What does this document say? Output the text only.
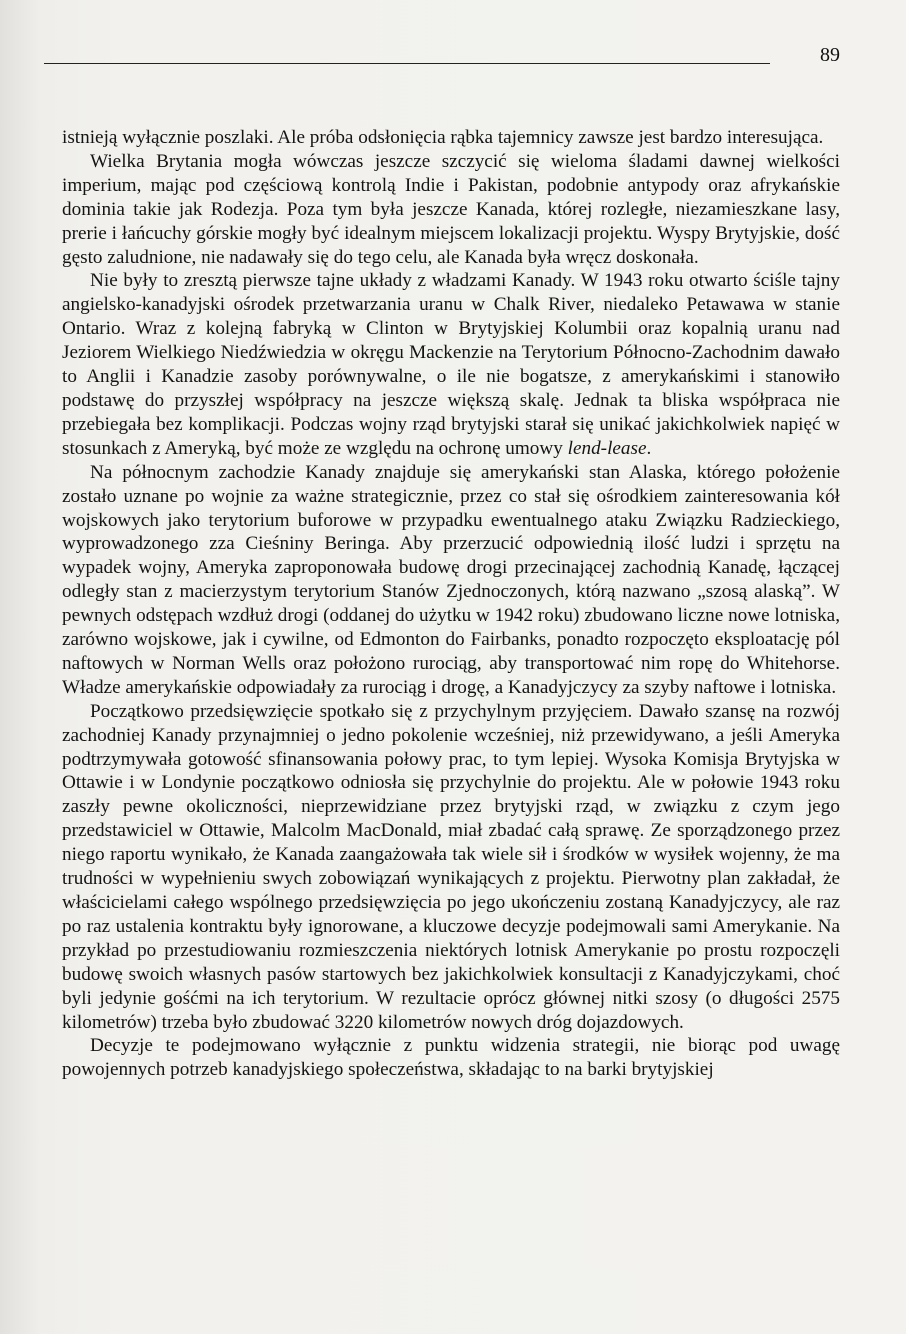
89

istnieją wyłącznie poszlaki. Ale próba odsłonięcia rąbka tajemnicy zawsze jest bardzo interesująca.

Wielka Brytania mogła wówczas jeszcze szczycić się wieloma śladami dawnej wielkości imperium, mając pod częściową kontrolą Indie i Pakistan, podobnie antypody oraz afrykańskie dominia takie jak Rodezja. Poza tym była jeszcze Kanada, której rozległe, niezamieszkane lasy, prerie i łańcuchy górskie mogły być idealnym miejscem lokalizacji projektu. Wyspy Brytyjskie, dość gęsto zaludnione, nie nadawały się do tego celu, ale Kanada była wręcz doskonała.

Nie były to zresztą pierwsze tajne układy z władzami Kanady. W 1943 roku otwarto ściśle tajny angielsko-kanadyjski ośrodek przetwarzania uranu w Chalk River, niedaleko Petawawa w stanie Ontario. Wraz z kolejną fabryką w Clinton w Brytyjskiej Kolumbii oraz kopalnią uranu nad Jeziorem Wielkiego Niedźwiedzia w okręgu Mackenzie na Terytorium Północno-Zachodnim dawało to Anglii i Kanadzie zasoby porównywalne, o ile nie bogatsze, z amerykańskimi i stanowiło podstawę do przyszłej współpracy na jeszcze większą skalę. Jednak ta bliska współpraca nie przebiegała bez komplikacji. Podczas wojny rząd brytyjski starał się unikać jakichkolwiek napięć w stosunkach z Ameryką, być może ze względu na ochronę umowy lend-lease.

Na północnym zachodzie Kanady znajduje się amerykański stan Alaska, którego położenie zostało uznane po wojnie za ważne strategicznie, przez co stał się ośrodkiem zainteresowania kół wojskowych jako terytorium buforowe w przypadku ewentualnego ataku Związku Radzieckiego, wyprowadzonego zza Cieśniny Beringa. Aby przerzucić odpowiednią ilość ludzi i sprzętu na wypadek wojny, Ameryka zaproponowała budowę drogi przecinającej zachodnią Kanadę, łączącej odległy stan z macierzystym terytorium Stanów Zjednoczonych, którą nazwano „szosą alaską”. W pewnych odstępach wzdłuż drogi (oddanej do użytku w 1942 roku) zbudowano liczne nowe lotniska, zarówno wojskowe, jak i cywilne, od Edmonton do Fairbanks, ponadto rozpoczęto eksploatację pól naftowych w Norman Wells oraz położono rurociąg, aby transportować nim ropę do Whitehorse. Władze amerykańskie odpowiadały za rurociąg i drogę, a Kanadyjczycy za szyby naftowe i lotniska.

Początkowo przedsięwzięcie spotkało się z przychylnym przyjęciem. Dawało szansę na rozwój zachodniej Kanady przynajmniej o jedno pokolenie wcześniej, niż przewidywano, a jeśli Ameryka podtrzymywała gotowość sfinansowania połowy prac, to tym lepiej. Wysoka Komisja Brytyjska w Ottawie i w Londynie początkowo odniosła się przychylnie do projektu. Ale w połowie 1943 roku zaszły pewne okoliczności, nieprzewidziane przez brytyjski rząd, w związku z czym jego przedstawiciel w Ottawie, Malcolm MacDonald, miał zbadać całą sprawę. Ze sporządzonego przez niego raportu wynikało, że Kanada zaangażowała tak wiele sił i środków w wysiłek wojenny, że ma trudności w wypełnieniu swych zobowiązań wynikających z projektu. Pierwotny plan zakładał, że właścicielami całego wspólnego przedsięwzięcia po jego ukończeniu zostaną Kanadyjczycy, ale raz po raz ustalenia kontraktu były ignorowane, a kluczowe decyzje podejmowali sami Amerykanie. Na przykład po przestudiowaniu rozmieszczenia niektórych lotnisk Amerykanie po prostu rozpoczęli budowę swoich własnych pasów startowych bez jakichkolwiek konsultacji z Kanadyjczykami, choć byli jedynie gośćmi na ich terytorium. W rezultacie oprócz głównej nitki szosy (o długości 2575 kilometrów) trzeba było zbudować 3220 kilometrów nowych dróg dojazdowych.

Decyzje te podejmowano wyłącznie z punktu widzenia strategii, nie biorąc pod uwagę powojennych potrzeb kanadyjskiego społeczeństwa, składając to na barki brytyjskiej
